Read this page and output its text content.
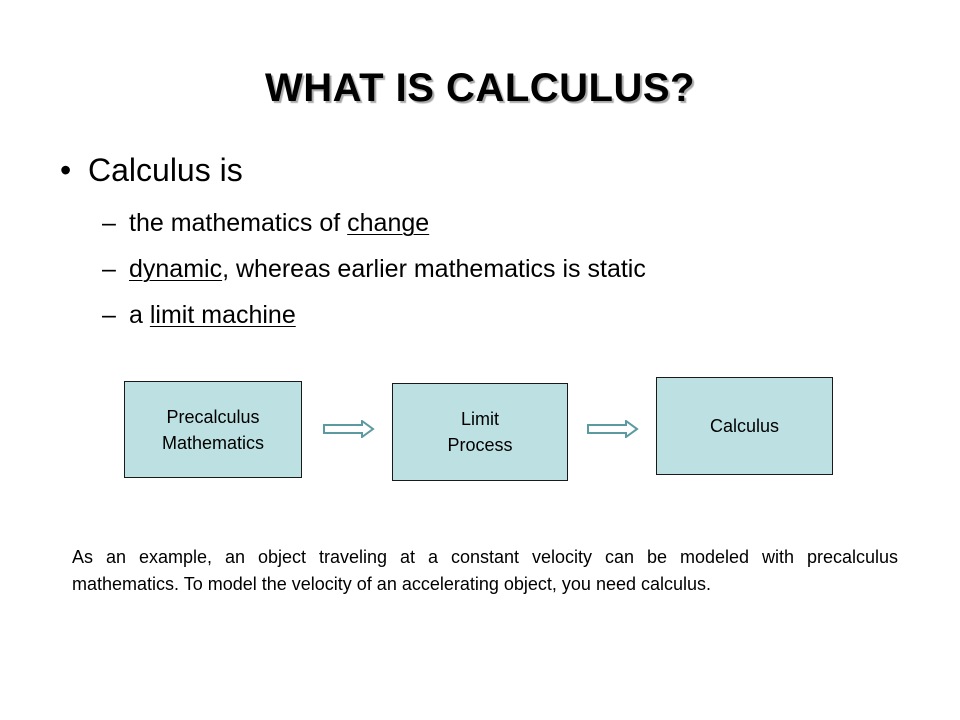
WHAT IS CALCULUS?
• Calculus is
– the mathematics of change
– dynamic, whereas earlier mathematics is static
– a limit machine
Precalculus
Mathematics
Limit
Process
Calculus
As an example, an object traveling at a constant velocity can be modeled with precalculus mathematics. To model the velocity of an accelerating object, you need calculus.
